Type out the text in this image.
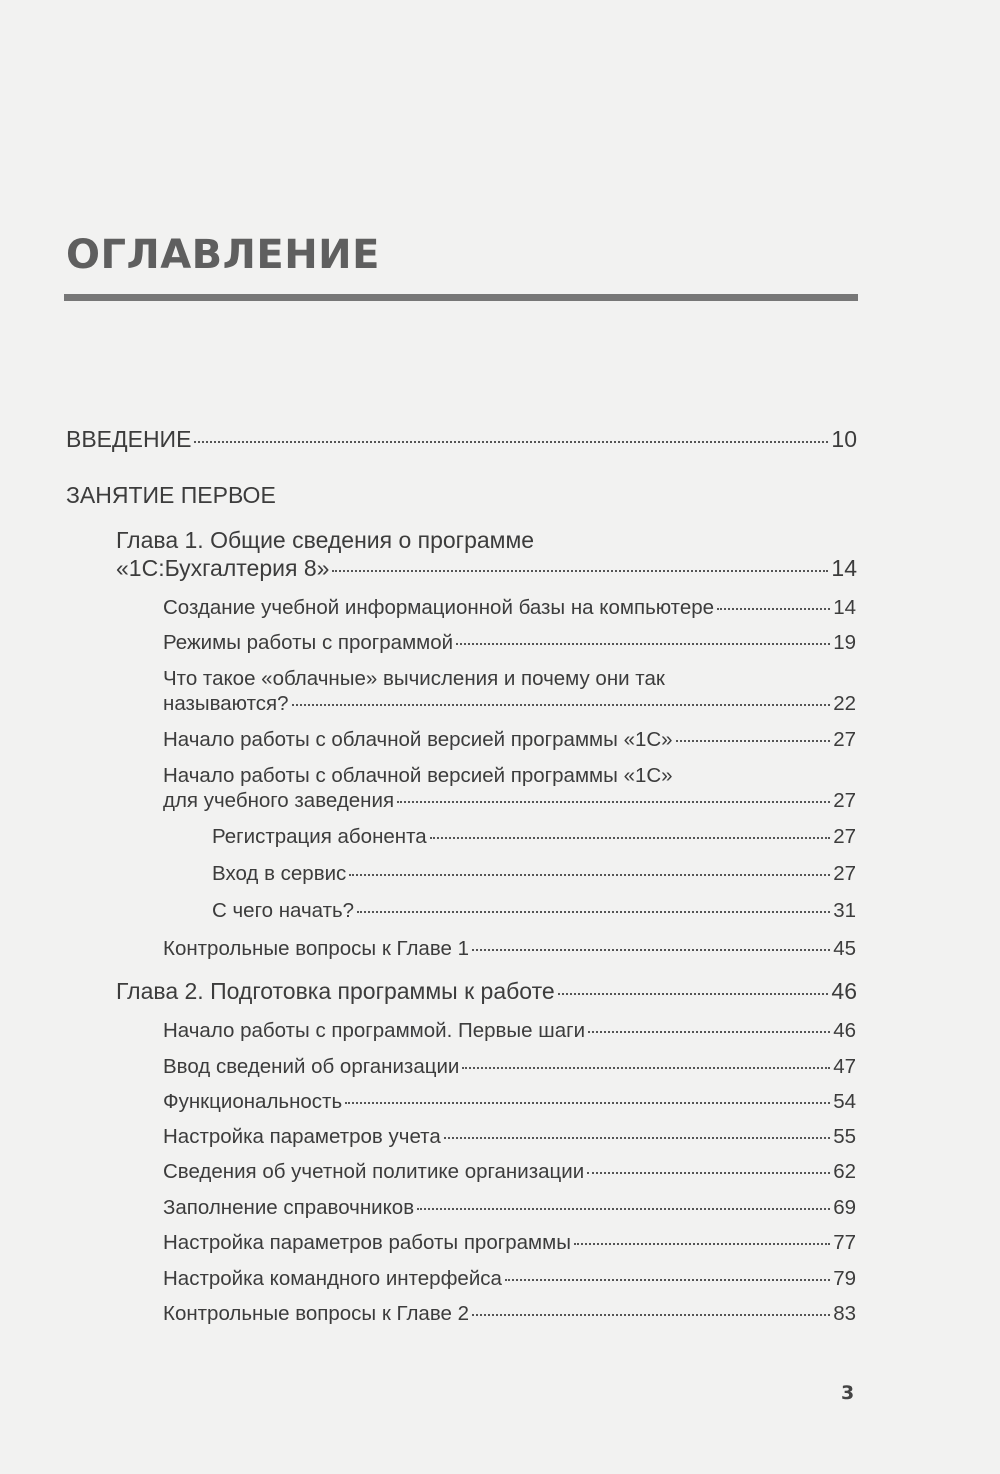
ОГЛАВЛЕНИЕ
ВВЕДЕНИЕ	10
ЗАНЯТИЕ ПЕРВОЕ
Глава 1. Общие сведения о программе
«1С:Бухгалтерия 8»	14
Создание учебной информационной базы на компьютере	14
Режимы работы с программой	19
Что такое «облачные» вычисления и почему они так
называются?	22
Начало работы с облачной версией программы «1С»	27
Начало работы с облачной версией программы «1С»
для учебного заведения	27
Регистрация абонента	27
Вход в сервис	27
С чего начать?	31
Контрольные вопросы к Главе 1	45
Глава 2. Подготовка программы к работе	46
Начало работы с программой. Первые шаги	46
Ввод сведений об организации	47
Функциональность	54
Настройка параметров учета	55
Сведения об учетной политике организации	62
Заполнение справочников	69
Настройка параметров работы программы	77
Настройка командного интерфейса	79
Контрольные вопросы к Главе 2	83
3
